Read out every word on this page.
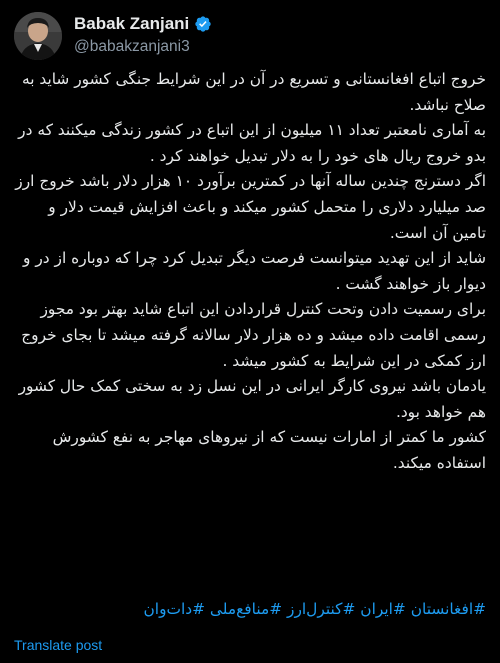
Babak Zanjani
@babakzanjani3

خروج اتباع افغانستانی و تسریع در آن در این شرایط جنگی کشور شاید به صلاح نباشد.

به آماری نامعتبر تعداد ۱۱ میلیون از این اتباع در کشور زندگی میکنند که در بدو خروج ریال های خود را به دلار تبدیل خواهند کرد .

اگر دسترنج چندین ساله آنها در کمترین برآورد ۱۰ هزار دلار باشد خروج ارز صد میلیارد دلاری را متحمل کشور میکند و باعث افزایش قیمت دلار و تامین آن است.

شاید از این تهدید میتوانست فرصت دیگر تبدیل کرد چرا که دوباره از در و دیوار باز خواهند گشت .

برای رسمیت دادن وتحت کنترل قراردادن این اتباع شاید بهتر بود مجوز رسمی اقامت داده میشد و ده هزار دلار سالانه گرفته میشد تا بجای خروج ارز کمکی در این شرایط به کشور میشد .

یادمان باشد نیروی کارگر ایرانی در این نسل زد به سختی کمک حال کشور هم خواهد بود.

کشور ما کمتر از امارات نیست که از نیروهای مهاجر به نفع کشورش استفاده میکند.

#افغانستان #ایران #کنترل‌ارز #منافع‌ملی #دات‌وان
Translate post
